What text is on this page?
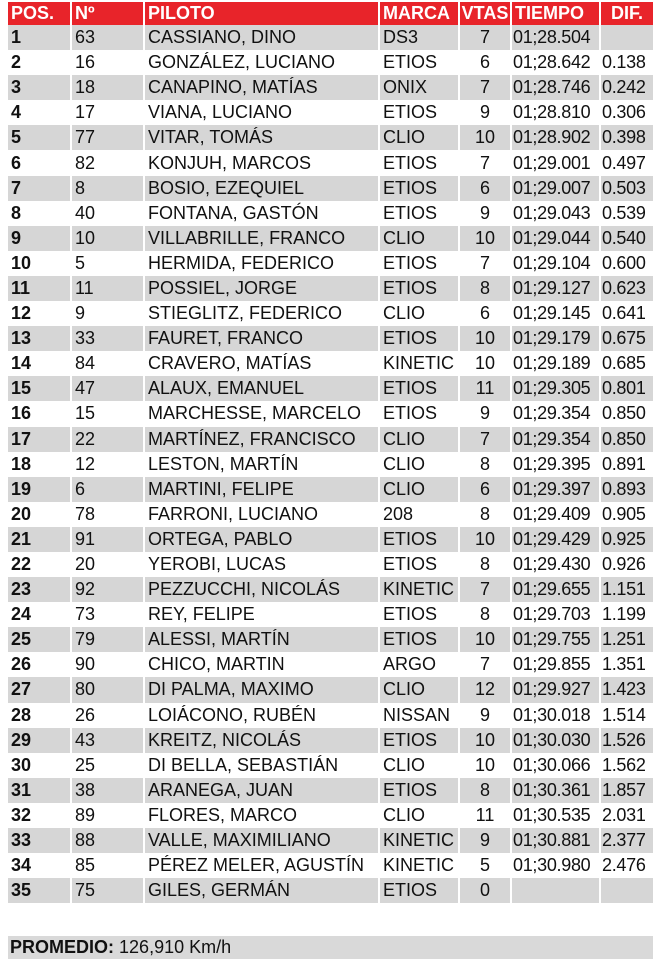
POS.	Nº	PILOTO	MARCA	VTAS	TIEMPO	DIF.
1	63	CASSIANO, DINO	DS3	7	01;28.504	
2	16	GONZÁLEZ, LUCIANO	ETIOS	6	01;28.642	0.138
3	18	CANAPINO, MATÍAS	ONIX	7	01;28.746	0.242
4	17	VIANA, LUCIANO	ETIOS	9	01;28.810	0.306
5	77	VITAR, TOMÁS	CLIO	10	01;28.902	0.398
6	82	KONJUH, MARCOS	ETIOS	7	01;29.001	0.497
7	8	BOSIO, EZEQUIEL	ETIOS	6	01;29.007	0.503
8	40	FONTANA, GASTÓN	ETIOS	9	01;29.043	0.539
9	10	VILLABRILLE, FRANCO	CLIO	10	01;29.044	0.540
10	5	HERMIDA, FEDERICO	ETIOS	7	01;29.104	0.600
11	11	POSSIEL, JORGE	ETIOS	8	01;29.127	0.623
12	9	STIEGLITZ, FEDERICO	CLIO	6	01;29.145	0.641
13	33	FAURET, FRANCO	ETIOS	10	01;29.179	0.675
14	84	CRAVERO, MATÍAS	KINETIC	10	01;29.189	0.685
15	47	ALAUX, EMANUEL	ETIOS	11	01;29.305	0.801
16	15	MARCHESSE, MARCELO	ETIOS	9	01;29.354	0.850
17	22	MARTÍNEZ, FRANCISCO	CLIO	7	01;29.354	0.850
18	12	LESTON, MARTÍN	CLIO	8	01;29.395	0.891
19	6	MARTINI, FELIPE	CLIO	6	01;29.397	0.893
20	78	FARRONI, LUCIANO	208	8	01;29.409	0.905
21	91	ORTEGA, PABLO	ETIOS	10	01;29.429	0.925
22	20	YEROBI, LUCAS	ETIOS	8	01;29.430	0.926
23	92	PEZZUCCHI, NICOLÁS	KINETIC	7	01;29.655	1.151
24	73	REY, FELIPE	ETIOS	8	01;29.703	1.199
25	79	ALESSI, MARTÍN	ETIOS	10	01;29.755	1.251
26	90	CHICO, MARTIN	ARGO	7	01;29.855	1.351
27	80	DI PALMA, MAXIMO	CLIO	12	01;29.927	1.423
28	26	LOIÁCONO, RUBÉN	NISSAN	9	01;30.018	1.514
29	43	KREITZ, NICOLÁS	ETIOS	10	01;30.030	1.526
30	25	DI BELLA, SEBASTIÁN	CLIO	10	01;30.066	1.562
31	38	ARANEGA, JUAN	ETIOS	8	01;30.361	1.857
32	89	FLORES, MARCO	CLIO	11	01;30.535	2.031
33	88	VALLE, MAXIMILIANO	KINETIC	9	01;30.881	2.377
34	85	PÉREZ MELER, AGUSTÍN	KINETIC	5	01;30.980	2.476
35	75	GILES, GERMÁN	ETIOS	0		
PROMEDIO: 126,910 Km/h
